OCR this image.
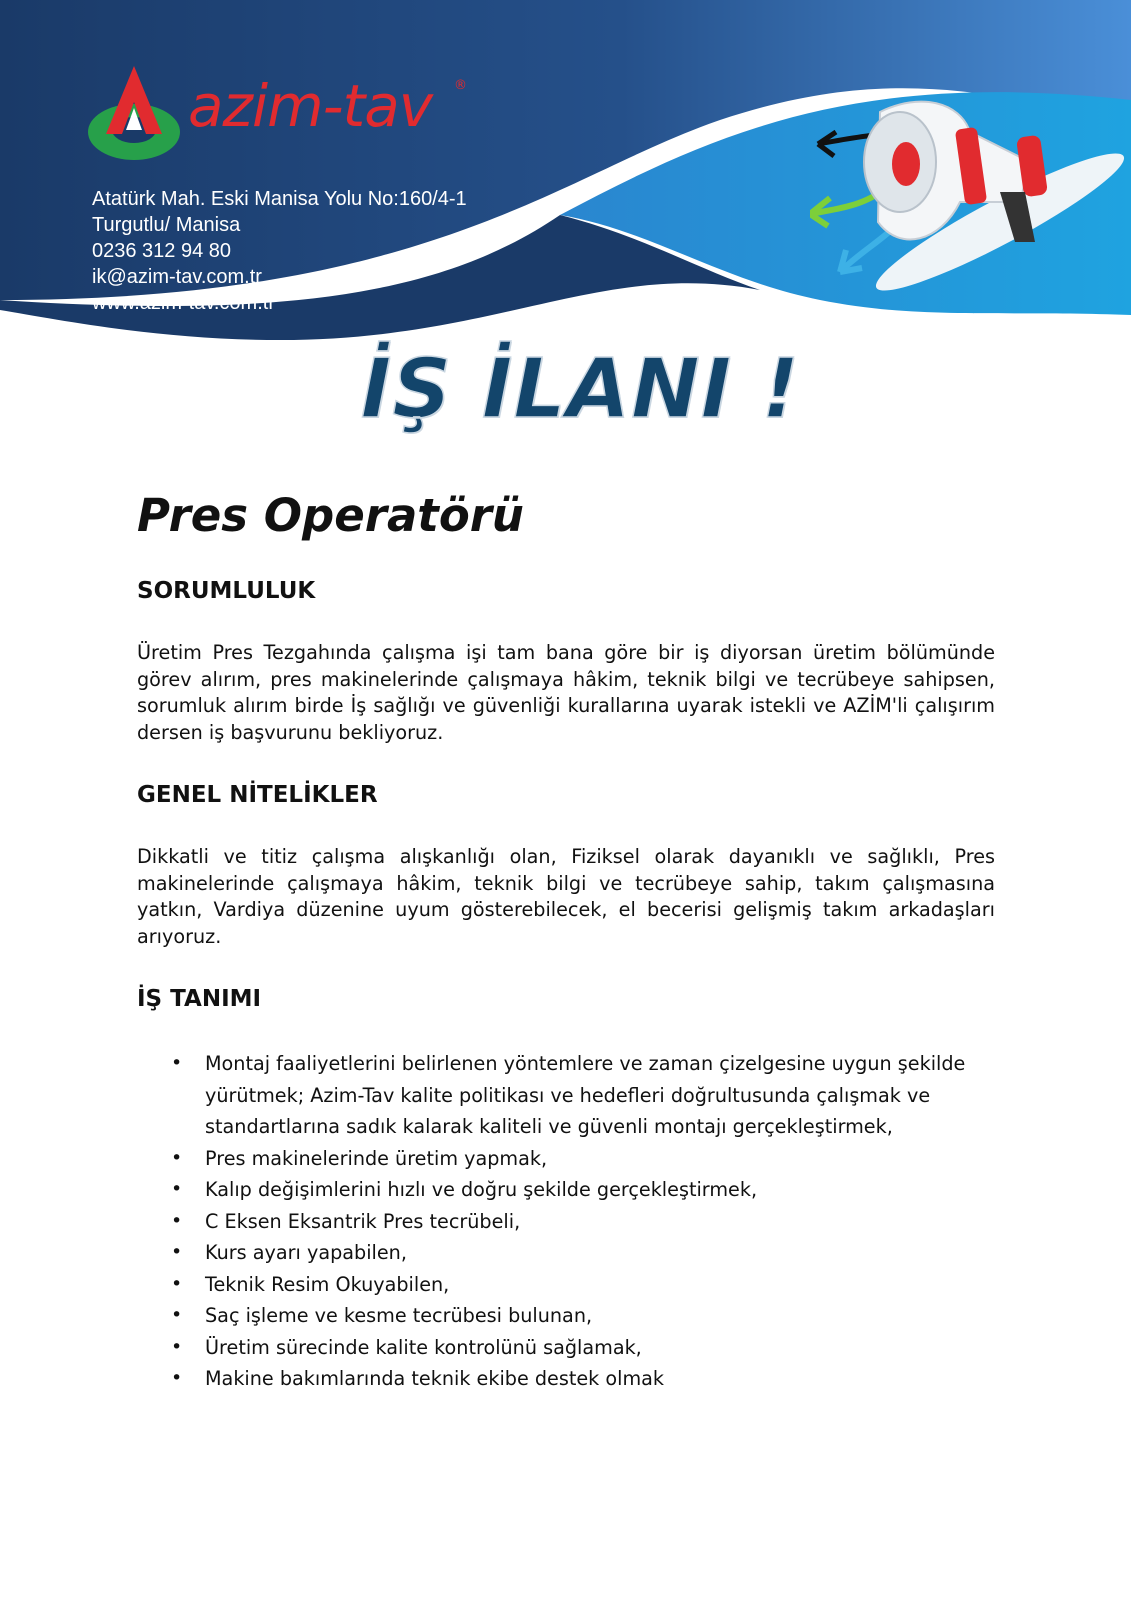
azim-tav ®
Atatürk Mah. Eski Manisa Yolu No:160/4-1
Turgutlu/ Manisa
0236 312 94 80
ik@azim-tav.com.tr
www.azim-tav.com.tr
İŞ İLANI !
Pres Operatörü
SORUMLULUK
Üretim Pres Tezgahında çalışma işi tam bana göre bir iş diyorsan üretim bölümünde görev alırım, pres makinelerinde çalışmaya hâkim, teknik bilgi ve tecrübeye sahipsen, sorumluk alırım birde İş sağlığı ve güvenliği kurallarına uyarak istekli ve AZİM'li çalışırım dersen iş başvurunu bekliyoruz.
GENEL NİTELİKLER
Dikkatli ve titiz çalışma alışkanlığı olan, Fiziksel olarak dayanıklı ve sağlıklı, Pres makinelerinde çalışmaya hâkim, teknik bilgi ve tecrübeye sahip, takım çalışmasına yatkın, Vardiya düzenine uyum gösterebilecek, el becerisi gelişmiş takım arkadaşları arıyoruz.
İŞ TANIMI
• Montaj faaliyetlerini belirlenen yöntemlere ve zaman çizelgesine uygun şekilde yürütmek; Azim-Tav kalite politikası ve hedefleri doğrultusunda çalışmak ve standartlarına sadık kalarak kaliteli ve güvenli montajı gerçekleştirmek,
• Pres makinelerinde üretim yapmak,
• Kalıp değişimlerini hızlı ve doğru şekilde gerçekleştirmek,
• C Eksen Eksantrik Pres tecrübeli,
• Kurs ayarı yapabilen,
• Teknik Resim Okuyabilen,
• Saç işleme ve kesme tecrübesi bulunan,
• Üretim sürecinde kalite kontrolünü sağlamak,
• Makine bakımlarında teknik ekibe destek olmak
